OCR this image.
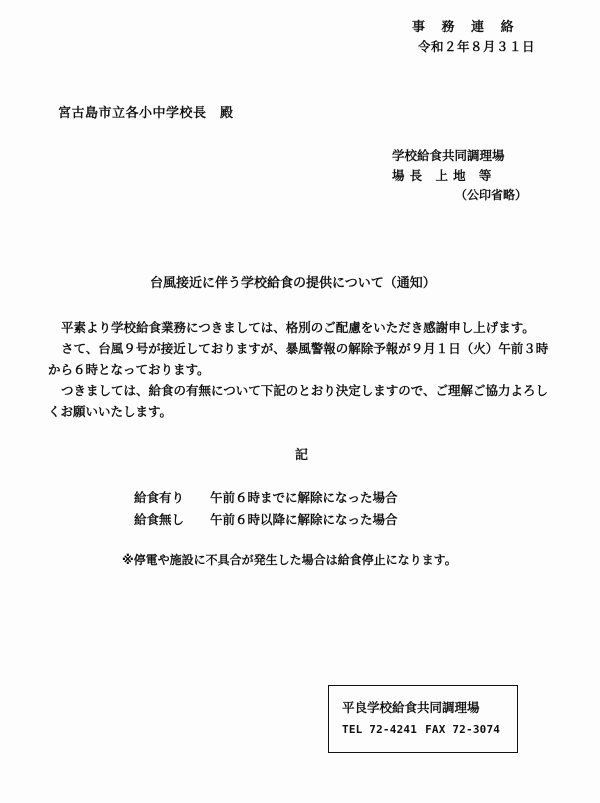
事 務 連 絡
令和２年８月３１日
宮古島市立各小中学校長　殿
学校給食共同調理場
場 長　上 地　等
（公印省略）
台風接近に伴う学校給食の提供について（通知）

平素より学校給食業務につきましては、格別のご配慮をいただき感謝申し上げます。

さて、台風９号が接近しておりますが、暴風警報の解除予報が９月１日（火）午前３時から６時となっております。

つきましては、給食の有無について下記のとおり決定しますので、ご理解ご協力よろしくお願いいたします。

記
給食有り 午前６時までに解除になった場合
給食無し 午前６時以降に解除になった場合
※停電や施設に不具合が発生した場合は給食停止になります。
平良学校給食共同調理場
TEL 72-4241 FAX 72-3074
